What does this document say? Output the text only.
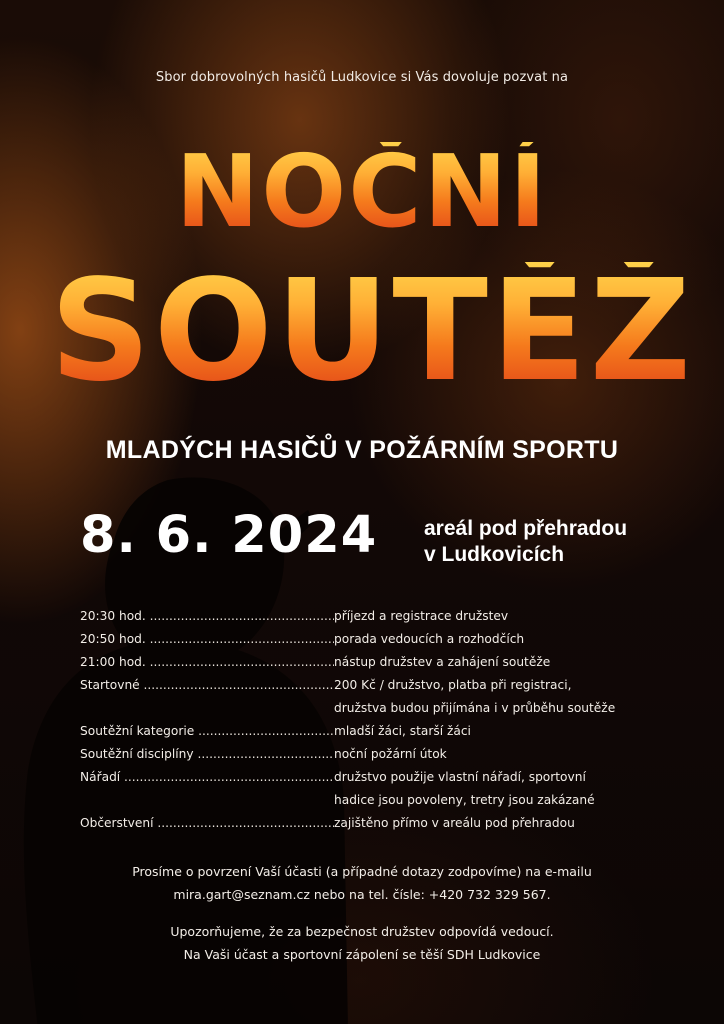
Sbor dobrovolných hasičů Ludkovice si Vás dovoluje pozvat na
NOČNÍ
SOUTĚŽ
MLADÝCH HASIČŮ V POŽÁRNÍM SPORTU
8. 6. 2024 areál pod přehradou
v Ludkovicích
20:30 hod. .....	příjezd a registrace družstev
20:50 hod. .....	porada vedoucích a rozhodčích
21:00 hod. .....	nástup družstev a zahájení soutěže
Startovné .....	200 Kč / družstvo, platba při registraci,
družstva budou přijímána i v průběhu soutěže
Soutěžní kategorie .....	mladší žáci, starší žáci
Soutěžní disciplíny .....	noční požární útok
Nářadí .....	družstvo použije vlastní nářadí, sportovní
hadice jsou povoleny, tretry jsou zakázané
Občerstvení .....	zajištěno přímo v areálu pod přehradou
Prosíme o povrzení Vaší účasti (a případné dotazy zodpovíme) na e-mailu
mira.gart@seznam.cz nebo na tel. čísle: +420 732 329 567.
Upozorňujeme, že za bezpečnost družstev odpovídá vedoucí.
Na Vaši účast a sportovní zápolení se těší SDH Ludkovice
